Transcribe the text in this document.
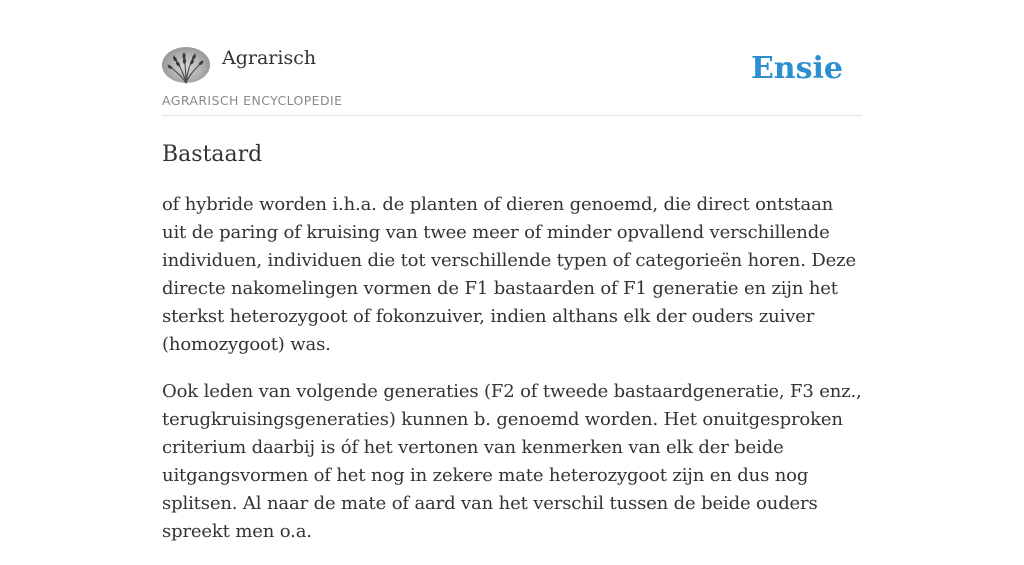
Agrarisch
AGRARISCH ENCYCLOPEDIE
Ensie
Bastaard

of hybride worden i.h.a. de planten of dieren genoemd, die direct ontstaan uit de paring of kruising van twee meer of minder opvallend verschillende individuen, individuen die tot verschillende typen of categorieën horen. Deze directe nakomelingen vormen de F1 bastaarden of F1 generatie en zijn het sterkst heterozygoot of fokonzuiver, indien althans elk der ouders zuiver (homozygoot) was.

Ook leden van volgende generaties (F2 of tweede bastaardgeneratie, F3 enz., terugkruisingsgeneraties) kunnen b. genoemd worden. Het onuitgesproken criterium daarbij is óf het vertonen van kenmerken van elk der beide uitgangsvormen of het nog in zekere mate heterozygoot zijn en dus nog splitsen. Al naar de mate of aard van het verschil tussen de beide ouders spreekt men o.a.
